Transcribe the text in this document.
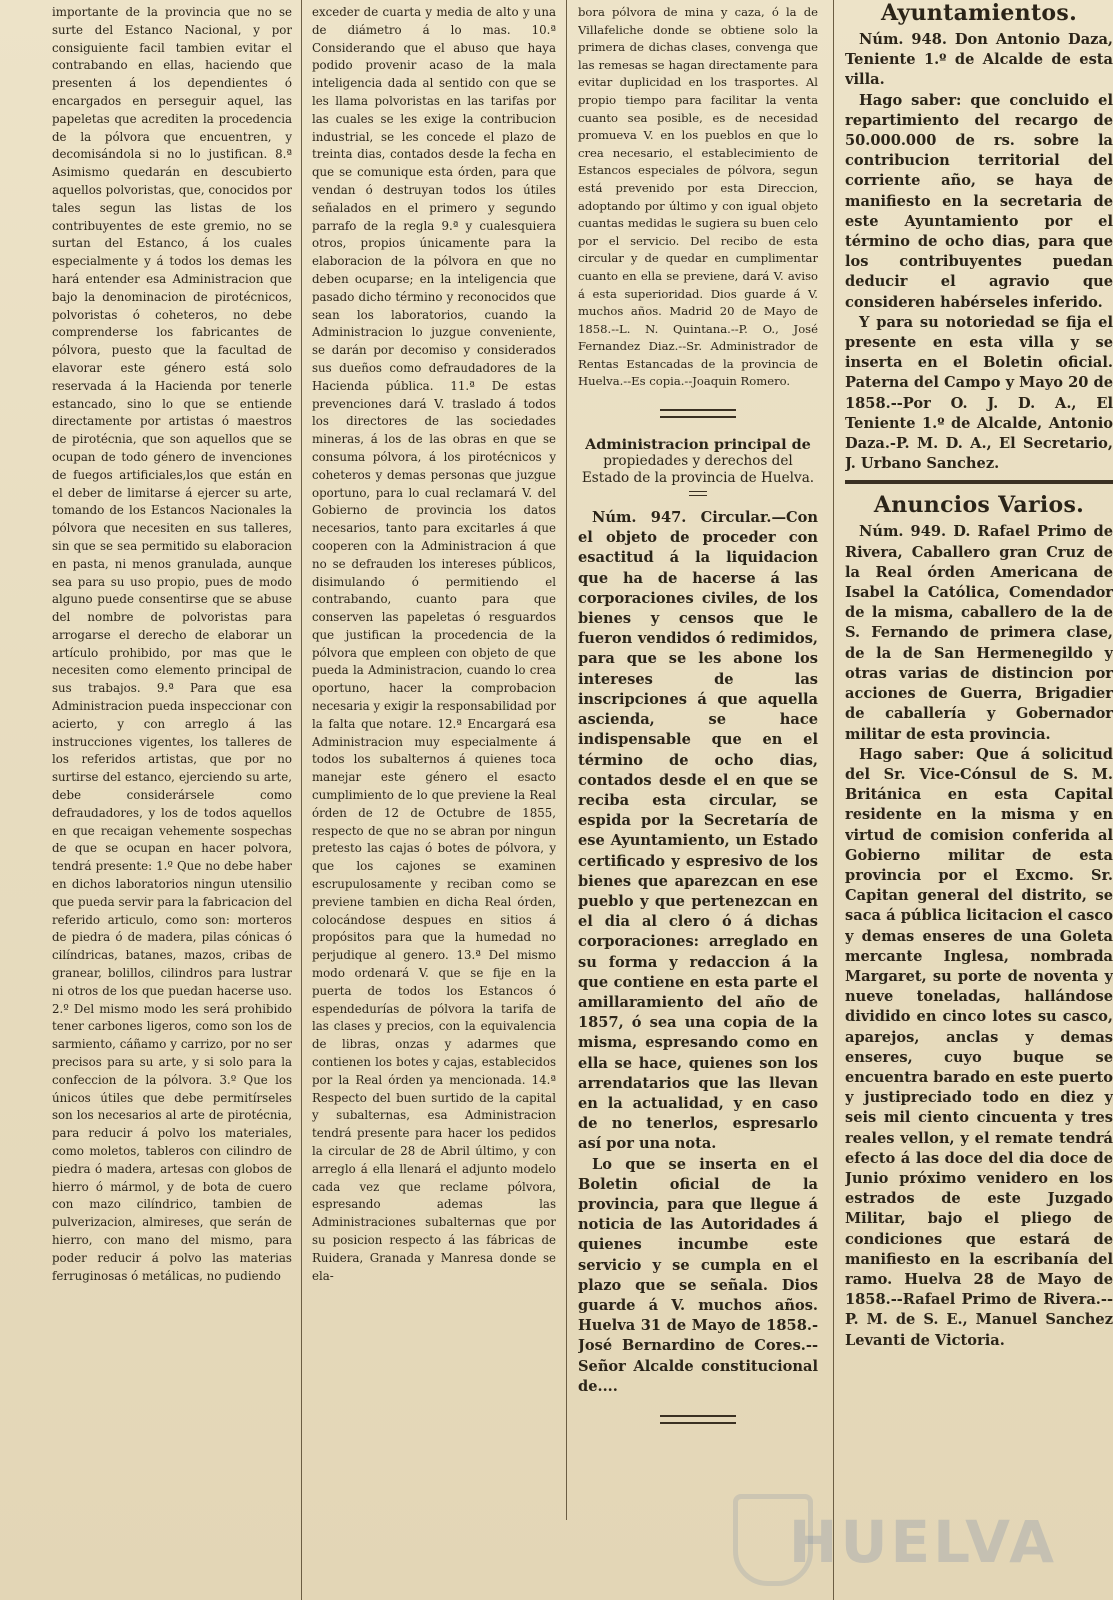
importante de la provincia que no se surte del Estanco Nacional, y por consiguiente facil tambien evitar el contrabando en ellas, haciendo que presenten á los dependientes ó encargados en perseguir aquel, las papeletas que acrediten la procedencia de la pólvora que encuentren, y decomisándola si no lo justifican. 8.ª Asimismo quedarán en descubierto aquellos polvoristas, que, conocidos por tales segun las listas de los contribuyentes de este gremio, no se surtan del Estanco, á los cuales especialmente y á todos los demas les hará entender esa Administracion que bajo la denominacion de pirotécnicos, polvoristas ó coheteros, no debe comprenderse los fabricantes de pólvora, puesto que la facultad de elavorar este género está solo reservada á la Hacienda por tenerle estancado, sino lo que se entiende directamente por artistas ó maestros de pirotécnia, que son aquellos que se ocupan de todo género de invenciones de fuegos artificiales,los que están en el deber de limitarse á ejercer su arte, tomando de los Estancos Nacionales la pólvora que necesiten en sus talleres, sin que se sea permitido su elaboracion en pasta, ni menos granulada, aunque sea para su uso propio, pues de modo alguno puede consentirse que se abuse del nombre de polvoristas para arrogarse el derecho de elaborar un artículo prohibido, por mas que le necesiten como elemento principal de sus trabajos. 9.ª Para que esa Administracion pueda inspeccionar con acierto, y con arreglo á las instrucciones vigentes, los talleres de los referidos artistas, que por no surtirse del estanco, ejerciendo su arte, debe considerársele como defraudadores, y los de todos aquellos en que recaigan vehemente sospechas de que se ocupan en hacer polvora, tendrá presente: 1.º Que no debe haber en dichos laboratorios ningun utensilio que pueda servir para la fabricacion del referido articulo, como son: morteros de piedra ó de madera, pilas cónicas ó cilíndricas, batanes, mazos, cribas de granear, bolillos, cilindros para lustrar ni otros de los que puedan hacerse uso. 2.º Del mismo modo les será prohibido tener carbones ligeros, como son los de sarmiento, cáñamo y carrizo, por no ser precisos para su arte, y si solo para la confeccion de la pólvora. 3.º Que los únicos útiles que debe permitírseles son los necesarios al arte de pirotécnia, para reducir á polvo los materiales, como moletos, tableros con cilindro de piedra ó madera, artesas con globos de hierro ó mármol, y de bota de cuero con mazo cilíndrico, tambien de pulverizacion, almireses, que serán de hierro, con mano del mismo, para poder reducir á polvo las materias ferruginosas ó metálicas, no pudiendo

exceder de cuarta y media de alto y una de diámetro á lo mas. 10.ª Considerando que el abuso que haya podido provenir acaso de la mala inteligencia dada al sentido con que se les llama polvoristas en las tarifas por las cuales se les exige la contribucion industrial, se les concede el plazo de treinta dias, contados desde la fecha en que se comunique esta órden, para que vendan ó destruyan todos los útiles señalados en el primero y segundo parrafo de la regla 9.ª y cualesquiera otros, propios únicamente para la elaboracion de la pólvora en que no deben ocuparse; en la inteligencia que pasado dicho término y reconocidos que sean los laboratorios, cuando la Administracion lo juzgue conveniente, se darán por decomiso y considerados sus dueños como defraudadores de la Hacienda pública. 11.ª De estas prevenciones dará V. traslado á todos los directores de las sociedades mineras, á los de las obras en que se consuma pólvora, á los pirotécnicos y coheteros y demas personas que juzgue oportuno, para lo cual reclamará V. del Gobierno de provincia los datos necesarios, tanto para excitarles á que cooperen con la Administracion á que no se defrauden los intereses públicos, disimulando ó permitiendo el contrabando, cuanto para que conserven las papeletas ó resguardos que justifican la procedencia de la pólvora que empleen con objeto de que pueda la Administracion, cuando lo crea oportuno, hacer la comprobacion necesaria y exigir la responsabilidad por la falta que notare. 12.ª Encargará esa Administracion muy especialmente á todos los subalternos á quienes toca manejar este género el esacto cumplimiento de lo que previene la Real órden de 12 de Octubre de 1855, respecto de que no se abran por ningun pretesto las cajas ó botes de pólvora, y que los cajones se examinen escrupulosamente y reciban como se previene tambien en dicha Real órden, colocándose despues en sitios á propósitos para que la humedad no perjudique al genero. 13.ª Del mismo modo ordenará V. que se fije en la puerta de todos los Estancos ó espendedurías de pólvora la tarifa de las clases y precios, con la equivalencia de libras, onzas y adarmes que contienen los botes y cajas, establecidos por la Real órden ya mencionada. 14.ª Respecto del buen surtido de la capital y subalternas, esa Administracion tendrá presente para hacer los pedidos la circular de 28 de Abril último, y con arreglo á ella llenará el adjunto modelo cada vez que reclame pólvora, espresando ademas las Administraciones subalternas que por su posicion respecto á las fábricas de Ruidera, Granada y Manresa donde se ela-

bora pólvora de mina y caza, ó la de Villafeliche donde se obtiene solo la primera de dichas clases, convenga que las remesas se hagan directamente para evitar duplicidad en los trasportes. Al propio tiempo para facilitar la venta cuanto sea posible, es de necesidad promueva V. en los pueblos en que lo crea necesario, el establecimiento de Estancos especiales de pólvora, segun está prevenido por esta Direccion, adoptando por último y con igual objeto cuantas medidas le sugiera su buen celo por el servicio. Del recibo de esta circular y de quedar en cumplimentar cuanto en ella se previene, dará V. aviso á esta superioridad. Dios guarde á V. muchos años. Madrid 20 de Mayo de 1858.--L. N. Quintana.--P. O., José Fernandez Diaz.--Sr. Administrador de Rentas Estancadas de la provincia de Huelva.--Es copia.--Joaquin Romero.

Administracion principal de

propiedades y derechos del Estado de la provincia de Huelva.

Núm. 947. Circular.—Con el objeto de proceder con esactitud á la liquidacion que ha de hacerse á las corporaciones civiles, de los bienes y censos que le fueron vendidos ó redimidos, para que se les abone los intereses de las inscripciones á que aquella ascienda, se hace indispensable que en el término de ocho dias, contados desde el en que se reciba esta circular, se espida por la Secretaría de ese Ayuntamiento, un Estado certificado y espresivo de los bienes que aparezcan en ese pueblo y que pertenezcan en el dia al clero ó á dichas corporaciones: arreglado en su forma y redaccion á la que contiene en esta parte el amillaramiento del año de 1857, ó sea una copia de la misma, espresando como en ella se hace, quienes son los arrendatarios que las llevan en la actualidad, y en caso de no tenerlos, espresarlo así por una nota.

Lo que se inserta en el Boletin oficial de la provincia, para que llegue á noticia de las Autoridades á quienes incumbe este servicio y se cumpla en el plazo que se señala. Dios guarde á V. muchos años. Huelva 31 de Mayo de 1858.-José Bernardino de Cores.--Señor Alcalde constitucional de....

Ayuntamientos.

Núm. 948. Don Antonio Daza, Teniente 1.º de Alcalde de esta villa.

Hago saber: que concluido el repartimiento del recargo de 50.000.000 de rs. sobre la contribucion territorial del corriente año, se haya de manifiesto en la secretaria de este Ayuntamiento por el término de ocho dias, para que los contribuyentes puedan deducir el agravio que consideren habérseles inferido.

Y para su notoriedad se fija el presente en esta villa y se inserta en el Boletin oficial. Paterna del Campo y Mayo 20 de 1858.--Por O. J. D. A., El Teniente 1.º de Alcalde, Antonio Daza.-P. M. D. A., El Secretario, J. Urbano Sanchez.

Anuncios Varios.

Núm. 949. D. Rafael Primo de Rivera, Caballero gran Cruz de la Real órden Americana de Isabel la Católica, Comendador de la misma, caballero de la de S. Fernando de primera clase, de la de San Hermenegildo y otras varias de distincion por acciones de Guerra, Brigadier de caballería y Gobernador militar de esta provincia.

Hago saber: Que á solicitud del Sr. Vice-Cónsul de S. M. Británica en esta Capital residente en la misma y en virtud de comision conferida al Gobierno militar de esta provincia por el Excmo. Sr. Capitan general del distrito, se saca á pública licitacion el casco y demas enseres de una Goleta mercante Inglesa, nombrada Margaret, su porte de noventa y nueve toneladas, hallándose dividido en cinco lotes su casco, aparejos, anclas y demas enseres, cuyo buque se encuentra barado en este puerto y justipreciado todo en diez y seis mil ciento cincuenta y tres reales vellon, y el remate tendrá efecto á las doce del dia doce de Junio próximo venidero en los estrados de este Juzgado Militar, bajo el pliego de condiciones que estará de manifiesto en la escribanía del ramo. Huelva 28 de Mayo de 1858.--Rafael Primo de Rivera.--P. M. de S. E., Manuel Sanchez Levanti de Victoria.

HUELVA
